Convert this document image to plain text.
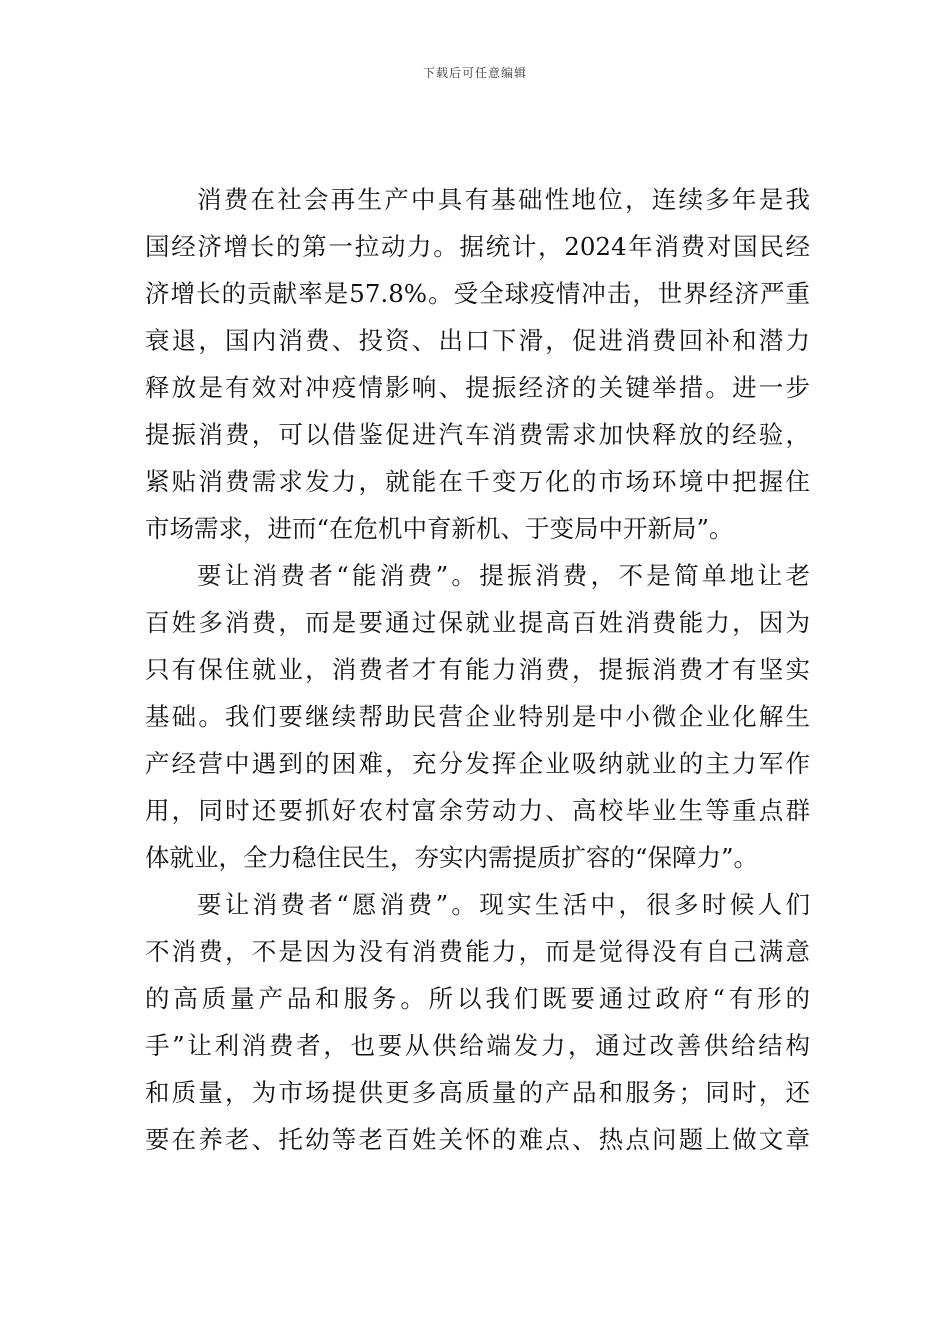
下载后可任意编辑
消费在社会再生产中具有基础性地位，连续多年是我
国经济增长的第一拉动力。据统计，2024年消费对国民经
济增长的贡献率是57.8%。受全球疫情冲击，世界经济严重
衰退，国内消费、投资、出口下滑，促进消费回补和潜力
释放是有效对冲疫情影响、提振经济的关键举措。进一步
提振消费，可以借鉴促进汽车消费需求加快释放的经验，
紧贴消费需求发力，就能在千变万化的市场环境中把握住
市场需求，进而“在危机中育新机、于变局中开新局”。
要让消费者“能消费”。提振消费，不是简单地让老
百姓多消费，而是要通过保就业提高百姓消费能力，因为
只有保住就业，消费者才有能力消费，提振消费才有坚实
基础。我们要继续帮助民营企业特别是中小微企业化解生
产经营中遇到的困难，充分发挥企业吸纳就业的主力军作
用，同时还要抓好农村富余劳动力、高校毕业生等重点群
体就业，全力稳住民生，夯实内需提质扩容的“保障力”。
要让消费者“愿消费”。现实生活中，很多时候人们
不消费，不是因为没有消费能力，而是觉得没有自己满意
的高质量产品和服务。所以我们既要通过政府“有形的
手”让利消费者，也要从供给端发力，通过改善供给结构
和质量，为市场提供更多高质量的产品和服务；同时，还
要在养老、托幼等老百姓关怀的难点、热点问题上做文章
